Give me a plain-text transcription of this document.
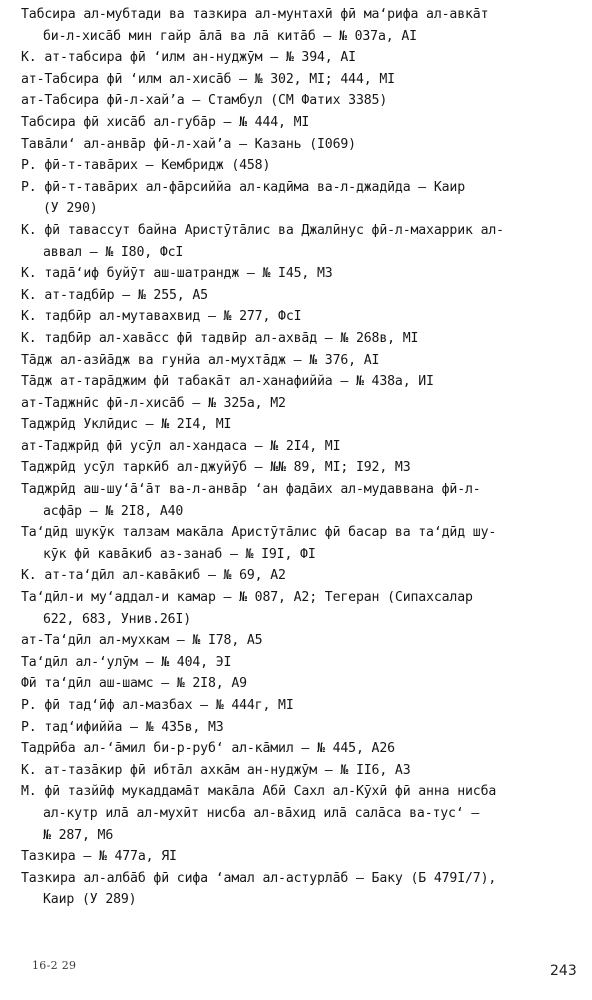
Табсира ал-мубтади ва тазкира ал-мунтахӣ фӣ ма‘рифа ал-авкāт
би-л-хисāб мин гайр āлā ва лā китāб – № 037а, AI
К. ат-табсира фӣ ‘илм ан-нуджӯм – № 394, AI
ат-Табсира фӣ ‘илм ал-хисāб – № 302, МI; 444, МI
ат-Табсира фӣ-л-хай’а – Стамбул (СМ Фатих 3385)
Табсира фӣ хисāб ал-губāр – № 444, МI
Тавāли‘ ал-анвāр фӣ-л-хай’а – Казань (I069)
Р. фӣ-т-тавāрих – Кембридж (458)
Р. фӣ-т-тавāрих ал-фāрсиййа ал-кадӣма ва-л-джадӣда – Каир
(У 290)
К. фӣ тавассут байна Аристӯтāлис ва Джалӣнус фӣ-л-махаррик ал-
аввал – № I80, ФсI
К. тадā‘иф буйӯт аш-шатрандж – № I45, М3
К. ат-тадбӣр – № 255, А5
К. тадбӣр ал-мутавахвид – № 277, ФсI
К. тадбӣр ал-хавāсс фӣ тадвӣр ал-ахвāд – № 268в, МI
Тāдж ал-азӣāдж ва гунйа ал-мухтāдж – № 376, AI
Тāдж ат-тарāджим фӣ табакāт ал-ханафиййа – № 438а, ИI
ат-Таджнӣс фӣ-л-хисāб – № 325а, М2
Таджрӣд Уклӣдис – № 2I4, МI
ат-Таджрӣд фӣ усӯл ал-хандаса – № 2I4, МI
Таджрӣд усӯл таркӣб ал-джуйӯб – №№ 89, МI; I92, М3
Таджрӣд аш-шу‘ā‘āт ва-л-анвāр ‘ан фадāих ал-мудаввана фӣ-л-
асфāр – № 2I8, А40
Та‘дӣд шукӯк талзам макāла Аристӯтāлис фӣ басар ва та‘дӣд шу-
кӯк фӣ кавāкиб аз-занаб – № I9I, ФI
К. ат-та‘дӣл ал-кавāкиб – № 69, А2
Та‘дӣл-и му‘аддал-и камар – № 087, А2; Тегеран (Сипахсалар
622, 683, Унив.26I)
ат-Та‘дӣл ал-мухкам – № I78, А5
Та‘дӣл ал-‘улӯм – № 404, ЭI
Фӣ та‘дӣл аш-шамс – № 2I8, А9
Р. фӣ тад‘ӣф ал-мазбах – № 444г, МI
Р. тад‘ифиййа – № 435в, М3
Тадрӣба ал-‘āмил би-р-руб‘ ал-кāмил – № 445, А26
К. ат-тазāкир фӣ ибтāл ахкāм ан-нуджӯм – № II6, А3
М. фӣ тазйӣф мукаддамāт макāла Абӣ Сахл ал-Кӯхӣ фӣ анна нисба
ал-кутр илā ал-мухӣт нисба ал-вāхид илā салāса ва-тус‘ –
№ 287, М6
Тазкира – № 477а, ЯI
Тазкира ал-албāб фӣ сифа ‘амал ал-астурлāб – Баку (Б 479I/7),
Каир (У 289)
16-2 29	243
